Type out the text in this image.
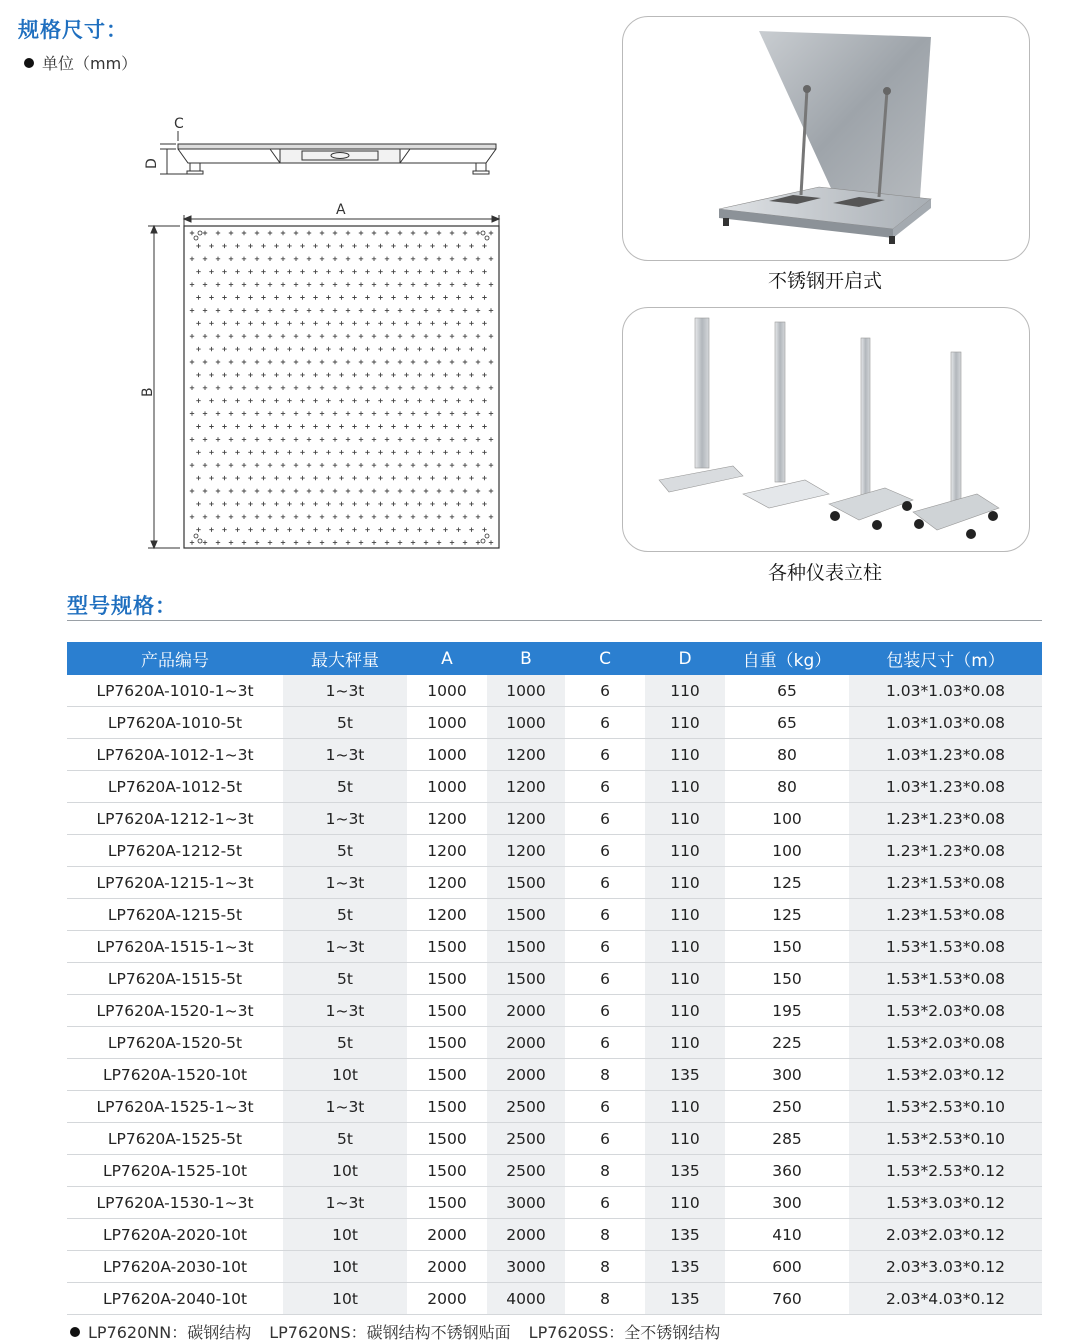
规格尺寸：
单位（mm）
C
D
A
B
不锈钢开启式
各种仪表立柱
型号规格：
产品编号	最大秤量	A	B	C	D	自重（kg）	包装尺寸（m）
LP7620A-1010-1~3t	1~3t	1000	1000	6	110	65	1.03*1.03*0.08
LP7620A-1010-5t	5t	1000	1000	6	110	65	1.03*1.03*0.08
LP7620A-1012-1~3t	1~3t	1000	1200	6	110	80	1.03*1.23*0.08
LP7620A-1012-5t	5t	1000	1200	6	110	80	1.03*1.23*0.08
LP7620A-1212-1~3t	1~3t	1200	1200	6	110	100	1.23*1.23*0.08
LP7620A-1212-5t	5t	1200	1200	6	110	100	1.23*1.23*0.08
LP7620A-1215-1~3t	1~3t	1200	1500	6	110	125	1.23*1.53*0.08
LP7620A-1215-5t	5t	1200	1500	6	110	125	1.23*1.53*0.08
LP7620A-1515-1~3t	1~3t	1500	1500	6	110	150	1.53*1.53*0.08
LP7620A-1515-5t	5t	1500	1500	6	110	150	1.53*1.53*0.08
LP7620A-1520-1~3t	1~3t	1500	2000	6	110	195	1.53*2.03*0.08
LP7620A-1520-5t	5t	1500	2000	6	110	225	1.53*2.03*0.08
LP7620A-1520-10t	10t	1500	2000	8	135	300	1.53*2.03*0.12
LP7620A-1525-1~3t	1~3t	1500	2500	6	110	250	1.53*2.53*0.10
LP7620A-1525-5t	5t	1500	2500	6	110	285	1.53*2.53*0.10
LP7620A-1525-10t	10t	1500	2500	8	135	360	1.53*2.53*0.12
LP7620A-1530-1~3t	1~3t	1500	3000	6	110	300	1.53*3.03*0.12
LP7620A-2020-10t	10t	2000	2000	8	135	410	2.03*2.03*0.12
LP7620A-2030-10t	10t	2000	3000	8	135	600	2.03*3.03*0.12
LP7620A-2040-10t	10t	2000	4000	8	135	760	2.03*4.03*0.12
LP7620NN：碳钢结构 LP7620NS：碳钢结构不锈钢贴面 LP7620SS：全不锈钢结构
